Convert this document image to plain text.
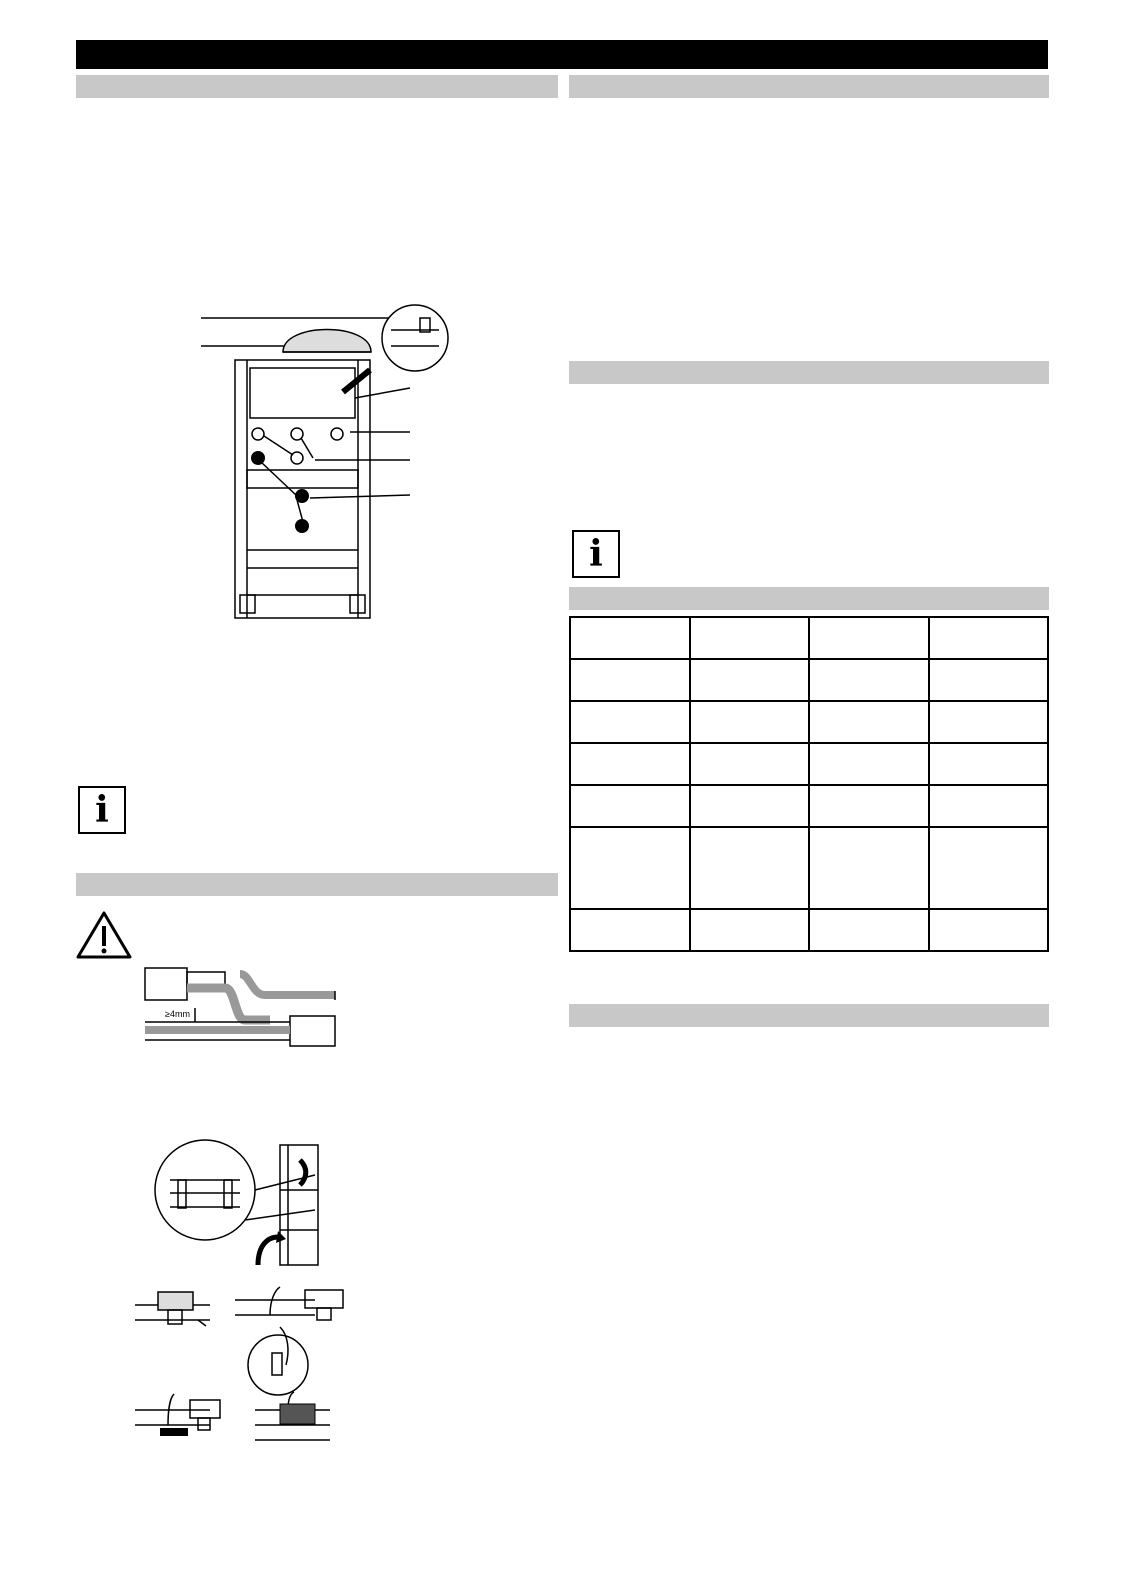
i
i
≥4mm
